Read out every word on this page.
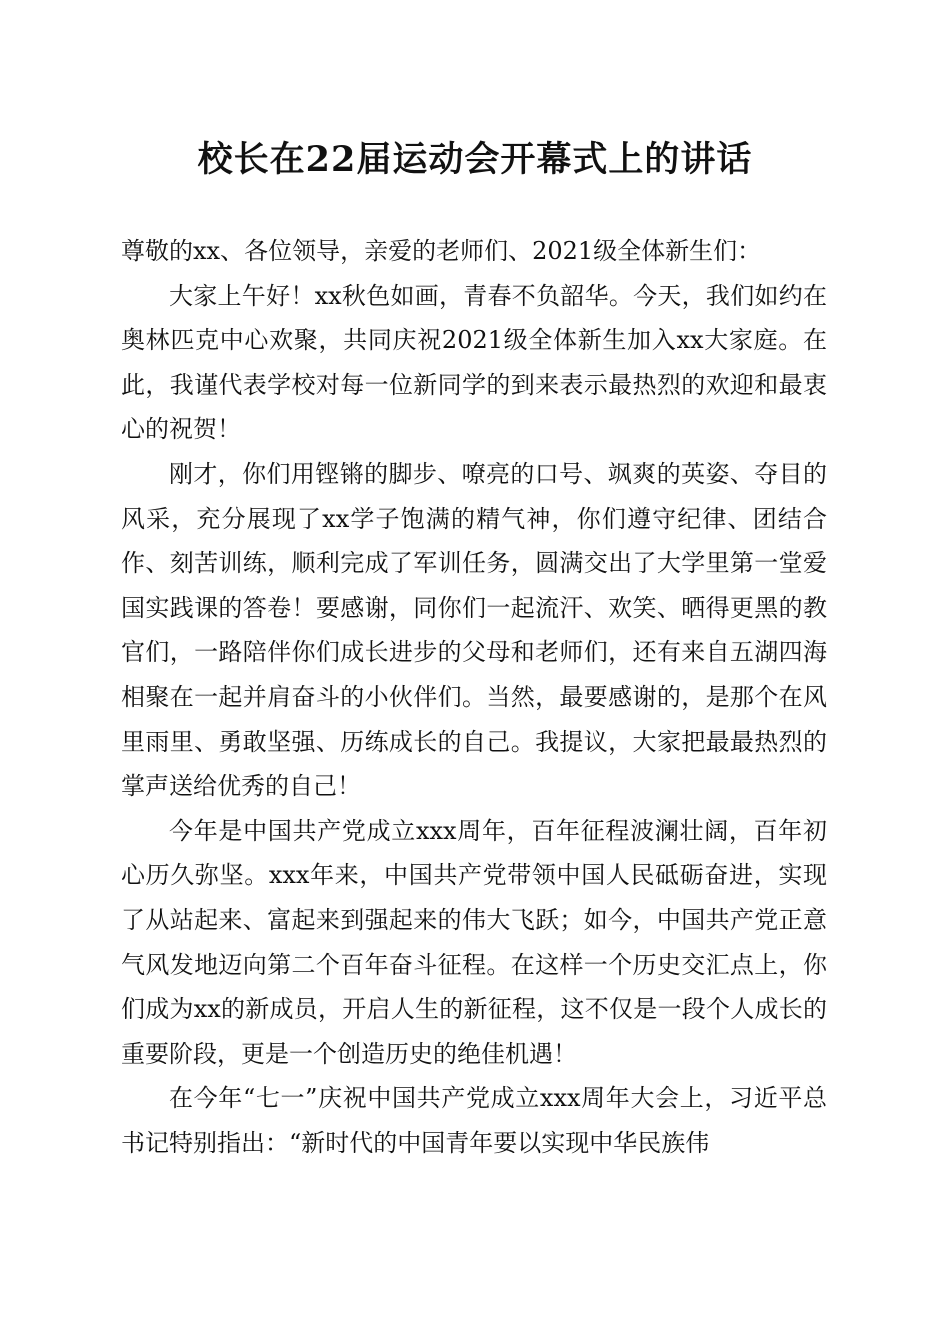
校长在22届运动会开幕式上的讲话

尊敬的xx、各位领导，亲爱的老师们、2021级全体新生们：

大家上午好！xx秋色如画，青春不负韶华。今天，我们如约在奥林匹克中心欢聚，共同庆祝2021级全体新生加入xx大家庭。在此，我谨代表学校对每一位新同学的到来表示最热烈的欢迎和最衷心的祝贺！

刚才，你们用铿锵的脚步、嘹亮的口号、飒爽的英姿、夺目的风采，充分展现了xx学子饱满的精气神，你们遵守纪律、团结合作、刻苦训练，顺利完成了军训任务，圆满交出了大学里第一堂爱国实践课的答卷！要感谢，同你们一起流汗、欢笑、晒得更黑的教官们，一路陪伴你们成长进步的父母和老师们，还有来自五湖四海相聚在一起并肩奋斗的小伙伴们。当然，最要感谢的，是那个在风里雨里、勇敢坚强、历练成长的自己。我提议，大家把最最热烈的掌声送给优秀的自己！

今年是中国共产党成立xxx周年，百年征程波澜壮阔，百年初心历久弥坚。xxx年来，中国共产党带领中国人民砥砺奋进，实现了从站起来、富起来到强起来的伟大飞跃；如今，中国共产党正意气风发地迈向第二个百年奋斗征程。在这样一个历史交汇点上，你们成为xx的新成员，开启人生的新征程，这不仅是一段个人成长的重要阶段，更是一个创造历史的绝佳机遇！

在今年“七一”庆祝中国共产党成立xxx周年大会上，习近平总书记特别指出：“新时代的中国青年要以实现中华民族伟
